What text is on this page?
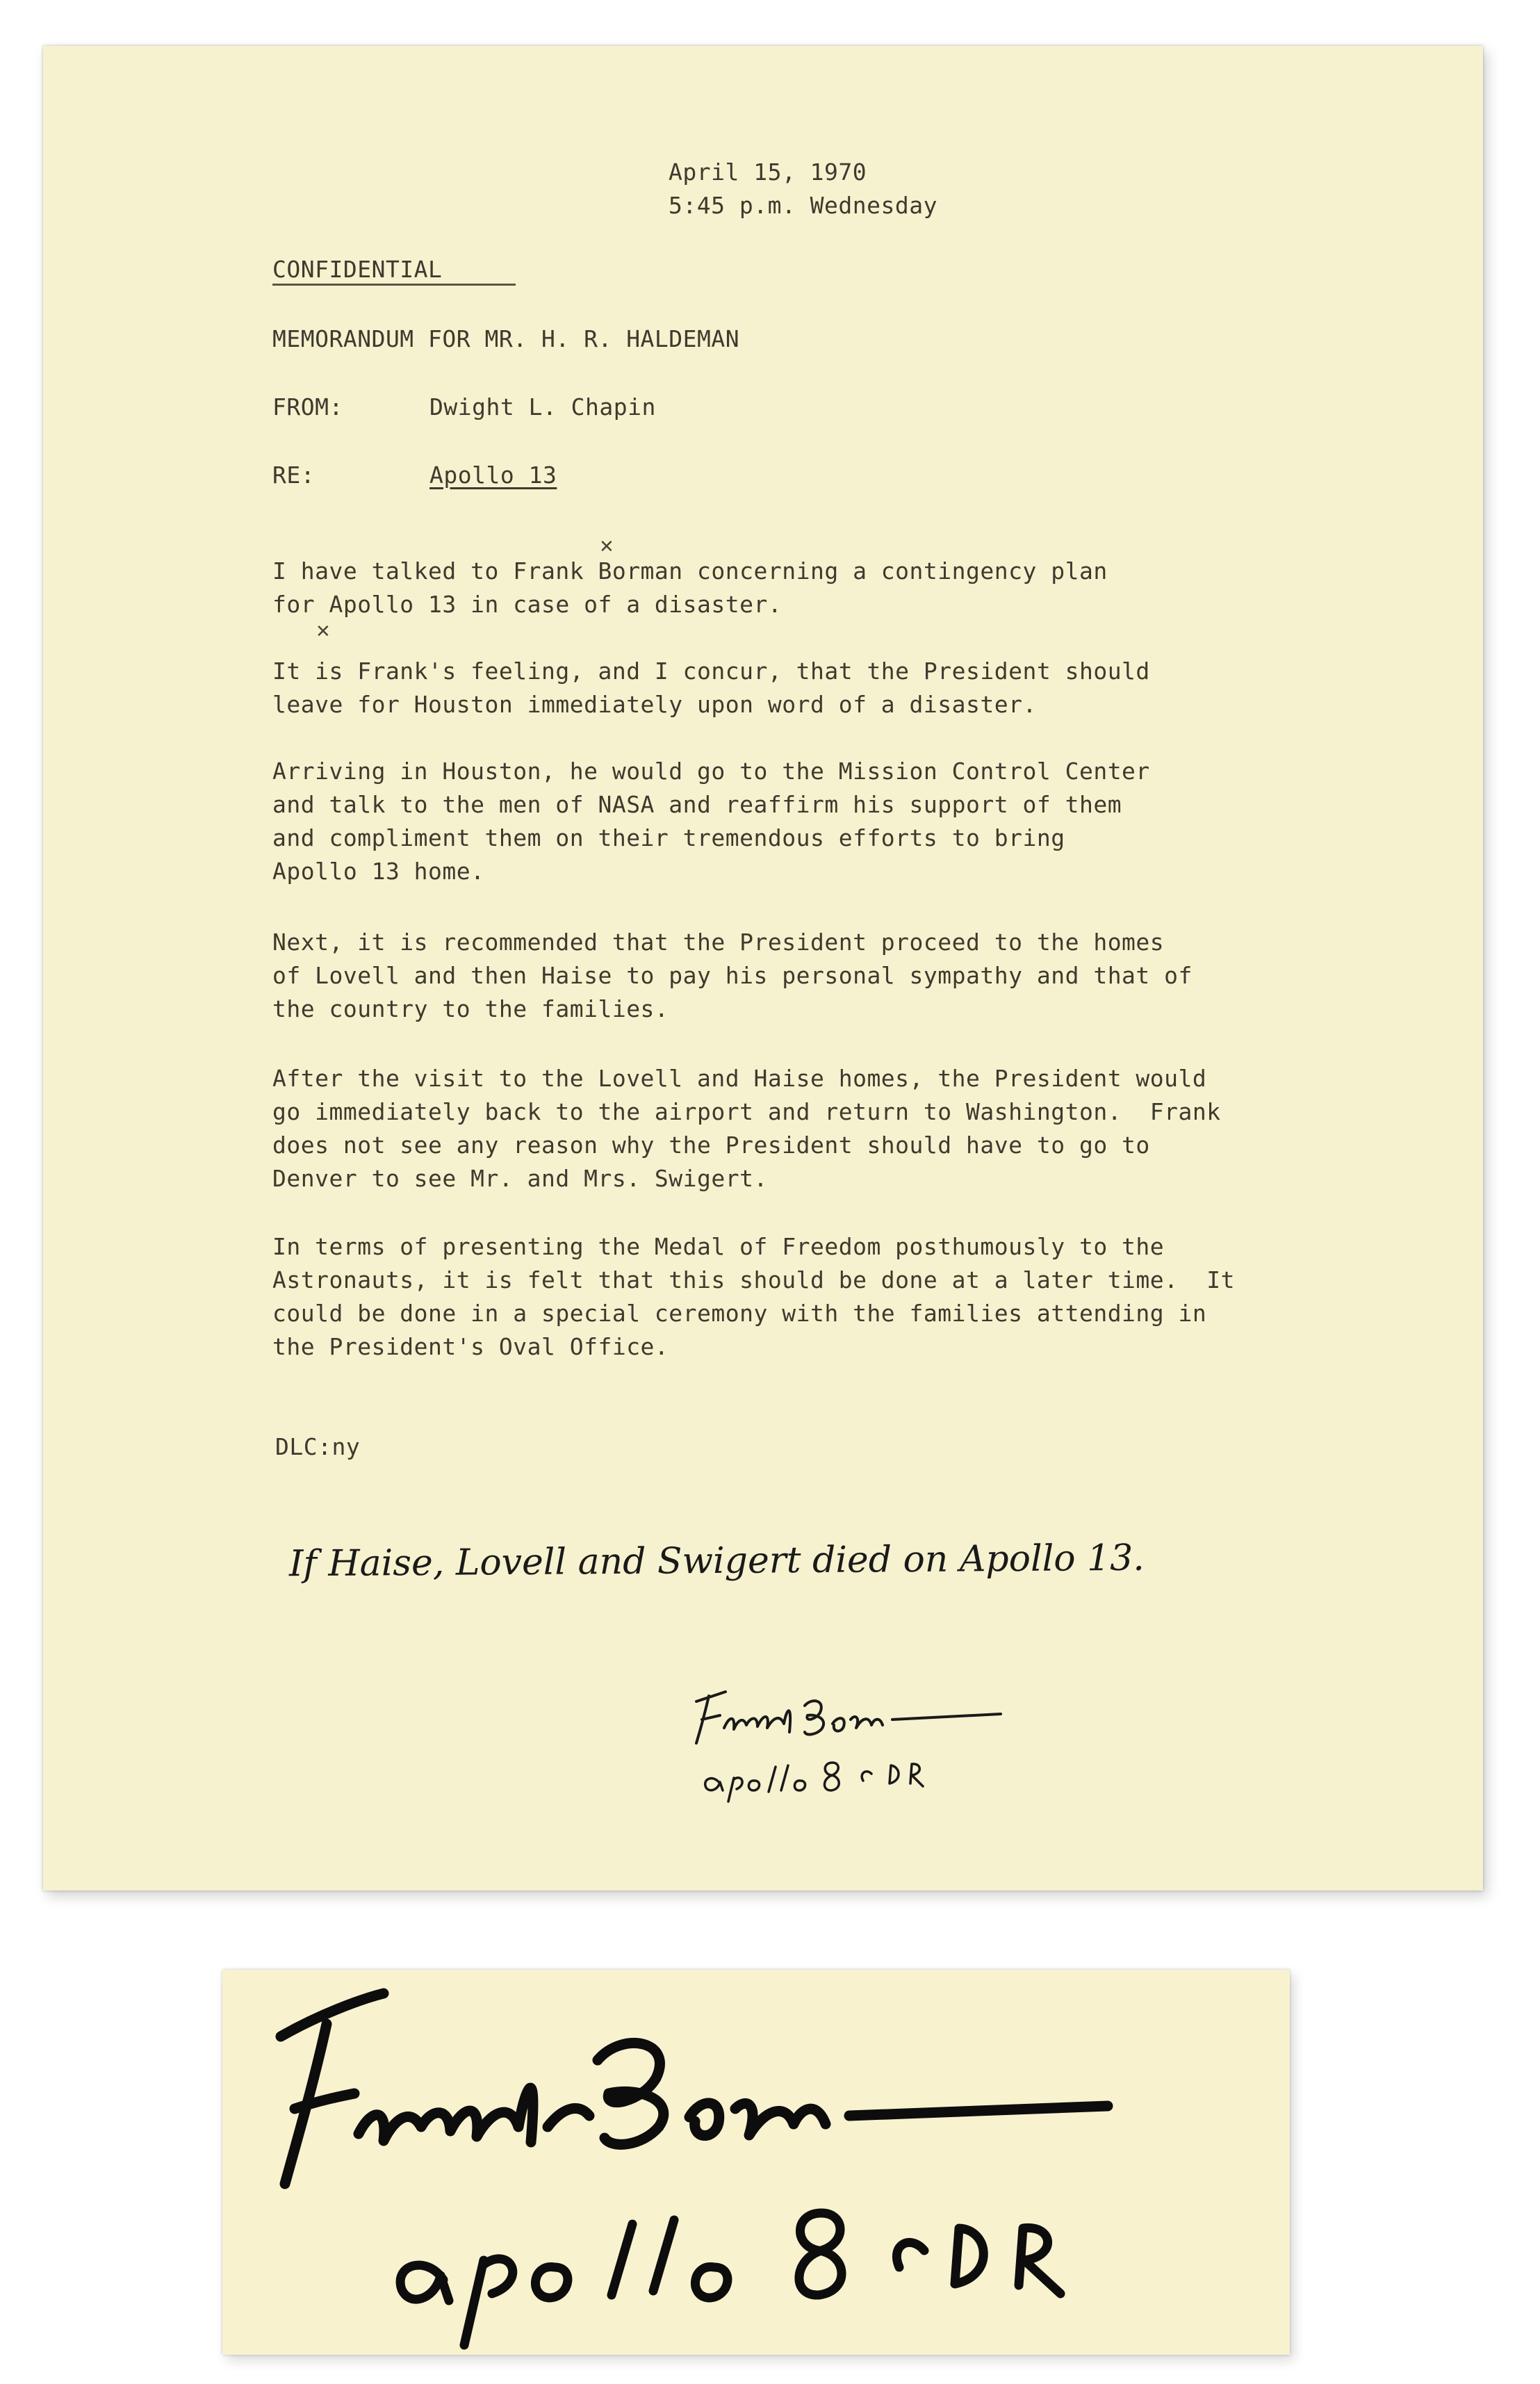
April 15, 1970
5:45 p.m. Wednesday
CONFIDENTIAL
MEMORANDUM FOR MR. H. R. HALDEMAN
FROM:	Dwight L. Chapin
RE:	Apollo 13
✕
✕
I have talked to Frank Borman concerning a contingency plan
for Apollo 13 in case of a disaster.
It is Frank's feeling, and I concur, that the President should
leave for Houston immediately upon word of a disaster.
Arriving in Houston, he would go to the Mission Control Center
and talk to the men of NASA and reaffirm his support of them
and compliment them on their tremendous efforts to bring
Apollo 13 home.
Next, it is recommended that the President proceed to the homes
of Lovell and then Haise to pay his personal sympathy and that of
the country to the families.
After the visit to the Lovell and Haise homes, the President would
go immediately back to the airport and return to Washington.  Frank
does not see any reason why the President should have to go to
Denver to see Mr. and Mrs. Swigert.
In terms of presenting the Medal of Freedom posthumously to the
Astronauts, it is felt that this should be done at a later time.  It
could be done in a special ceremony with the families attending in
the President's Oval Office.
DLC:ny
If Haise, Lovell and Swigert died on Apollo 13.
